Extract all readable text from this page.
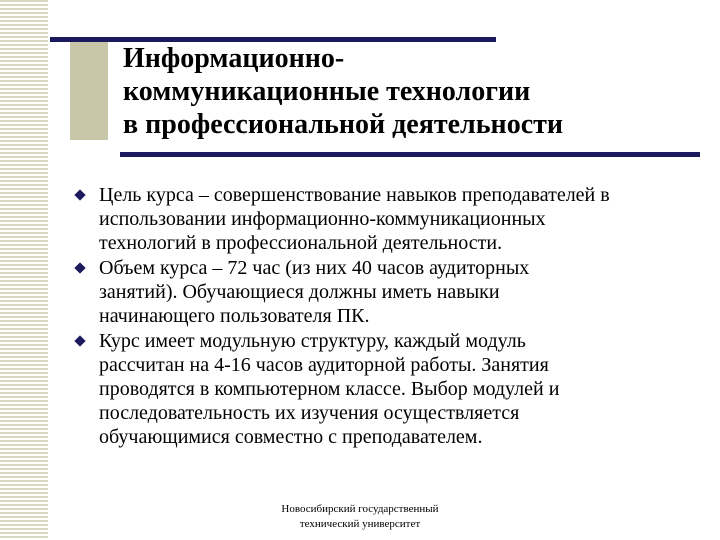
Информационно-
коммуникационные технологии
в профессиональной деятельности
Цель курса – совершенствование навыков преподавателей в
использовании информационно-коммуникационных
технологий в профессиональной деятельности.
Объем курса – 72 час (из них 40 часов аудиторных
занятий). Обучающиеся должны иметь навыки
начинающего пользователя ПК.
Курс имеет модульную структуру, каждый модуль
рассчитан на 4-16 часов аудиторной работы. Занятия
проводятся в компьютерном классе. Выбор модулей и
последовательность их изучения осуществляется
обучающимися совместно с преподавателем.
Новосибирский государственный
технический университет
